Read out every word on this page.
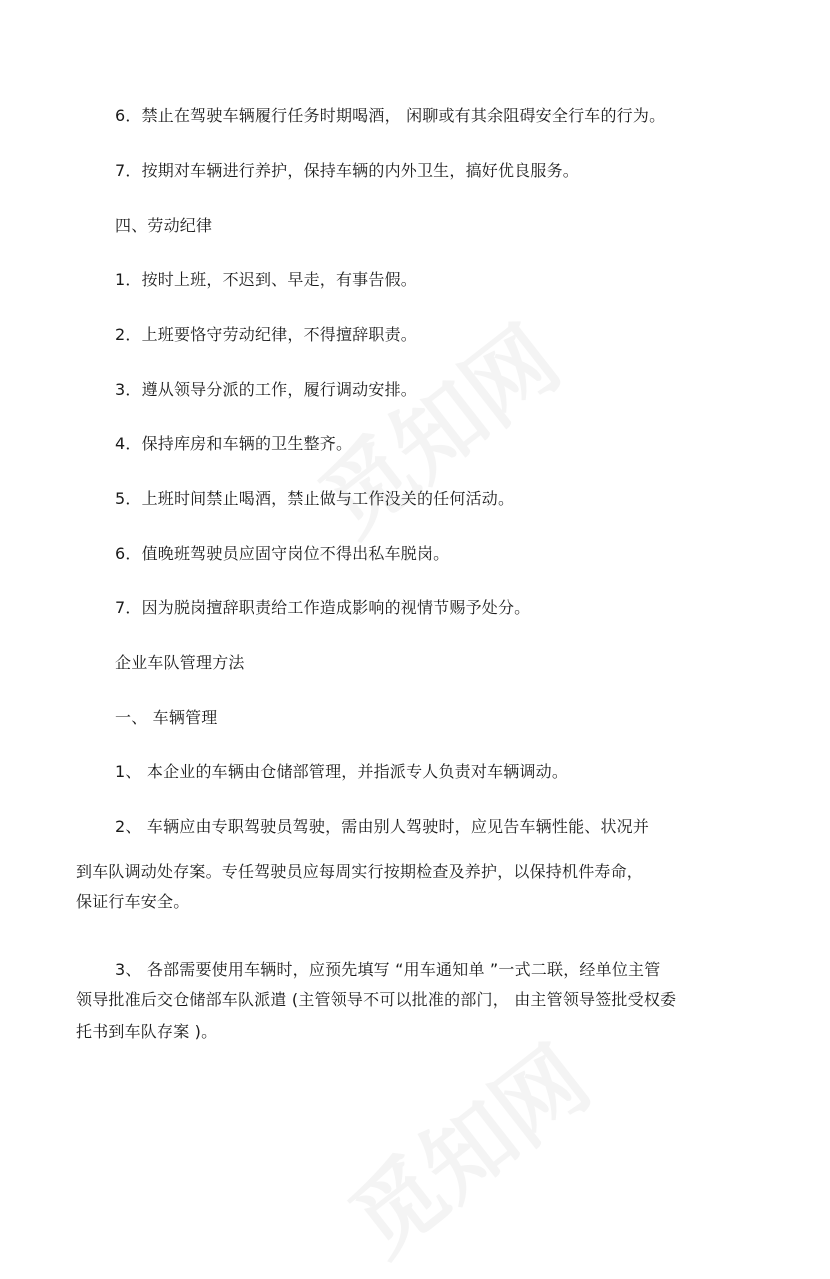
6．禁止在驾驶车辆履行任务时期喝酒， 闲聊或有其余阻碍安全行车的行为。
7．按期对车辆进行养护，保持车辆的内外卫生，搞好优良服务。
四、劳动纪律
1．按时上班，不迟到、早走，有事告假。
2．上班要恪守劳动纪律，不得擅辞职责。
3．遵从领导分派的工作，履行调动安排。
4．保持库房和车辆的卫生整齐。
5．上班时间禁止喝酒，禁止做与工作没关的任何活动。
6．值晚班驾驶员应固守岗位不得出私车脱岗。
7．因为脱岗擅辞职责给工作造成影响的视情节赐予处分。
企业车队管理方法
一、 车辆管理
1、 本企业的车辆由仓储部管理，并指派专人负责对车辆调动。
2、 车辆应由专职驾驶员驾驶，需由别人驾驶时，应见告车辆性能、状况并
到车队调动处存案。专任驾驶员应每周实行按期检查及养护，以保持机件寿命，
保证行车安全。
3、 各部需要使用车辆时，应预先填写 “用车通知单 ”一式二联，经单位主管
领导批准后交仓储部车队派遣 (主管领导不可以批准的部门， 由主管领导签批受权委
托书到车队存案 )。
